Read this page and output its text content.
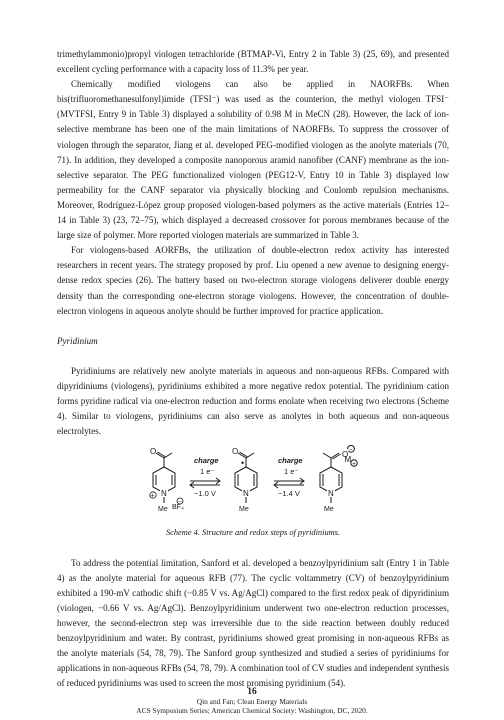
trimethylammonio)propyl viologen tetrachloride (BTMAP-Vi, Entry 2 in Table 3) (25, 69), and presented excellent cycling performance with a capacity loss of 11.3% per year.

Chemically modified viologens can also be applied in NAORFBs. When bis(trifluoromethanesulfonyl)imide (TFSI⁻) was used as the counterion, the methyl viologen TFSI⁻ (MVTFSI, Entry 9 in Table 3) displayed a solubility of 0.98 M in MeCN (28). However, the lack of ion-selective membrane has been one of the main limitations of NAORFBs. To suppress the crossover of viologen through the separator, Jiang et al. developed PEG-modified viologen as the anolyte materials (70, 71). In addition, they developed a composite nanoporous aramid nanofiber (CANF) membrane as the ion-selective separator. The PEG functionalized viologen (PEG12-V, Entry 10 in Table 3) displayed low permeability for the CANF separator via physically blocking and Coulomb repulsion mechanisms. Moreover, Rodríguez-López group proposed viologen-based polymers as the active materials (Entries 12–14 in Table 3) (23, 72–75), which displayed a decreased crossover for porous membranes because of the large size of polymer. More reported viologen materials are summarized in Table 3.

For viologens-based AORFBs, the utilization of double-electron redox activity has interested researchers in recent years. The strategy proposed by prof. Liu opened a new avenue to designing energy-dense redox species (26). The battery based on two-electron storage viologens deliverer double energy density than the corresponding one-electron storage viologens. However, the concentration of double-electron viologens in aqueous anolyte should be further improved for practice application.

Pyridinium

Pyridiniums are relatively new anolyte materials in aqueous and non-aqueous RFBs. Compared with dipyridiniums (viologens), pyridiniums exhibited a more negative redox potential. The pyridinium cation forms pyridine radical via one-electron reduction and forms enolate when receiving two electrons (Scheme 4). Similar to viologens, pyridiniums can also serve as anolytes in both aqueous and non-aqueous electrolytes.

O
N
+
Me BF₄
−
charge
1 e⁻
−1.0 V
O
N
Me
•	charge
1 e⁻
−1.4 V
O
−
M
+
N
Me

Scheme 4. Structure and redox steps of pyridiniums.

To address the potential limitation, Sanford et al. developed a benzoylpyridinium salt (Entry 1 in Table 4) as the anolyte material for aqueous RFB (77). The cyclic voltammetry (CV) of benzoylpyridinium exhibited a 190-mV cathodic shift (−0.85 V vs. Ag/AgCl) compared to the first redox peak of dipyridinium (viologen, −0.66 V vs. Ag/AgCl). Benzoylpyridinium underwent two one-electron reduction processes, however, the second-electron step was irreversible due to the side reaction between doubly reduced benzoylpyridinium and water. By contrast, pyridiniums showed great promising in non-aqueous RFBs as the anolyte materials (54, 78, 79). The Sanford group synthesized and studied a series of pyridiniums for applications in non-aqueous RFBs (54, 78, 79). A combination tool of CV studies and independent synthesis of reduced pyridiniums was used to screen the most promising pyridinium (54).

16
Qin and Fan; Clean Energy Materials
ACS Symposium Series; American Chemical Society: Washington, DC, 2020.
